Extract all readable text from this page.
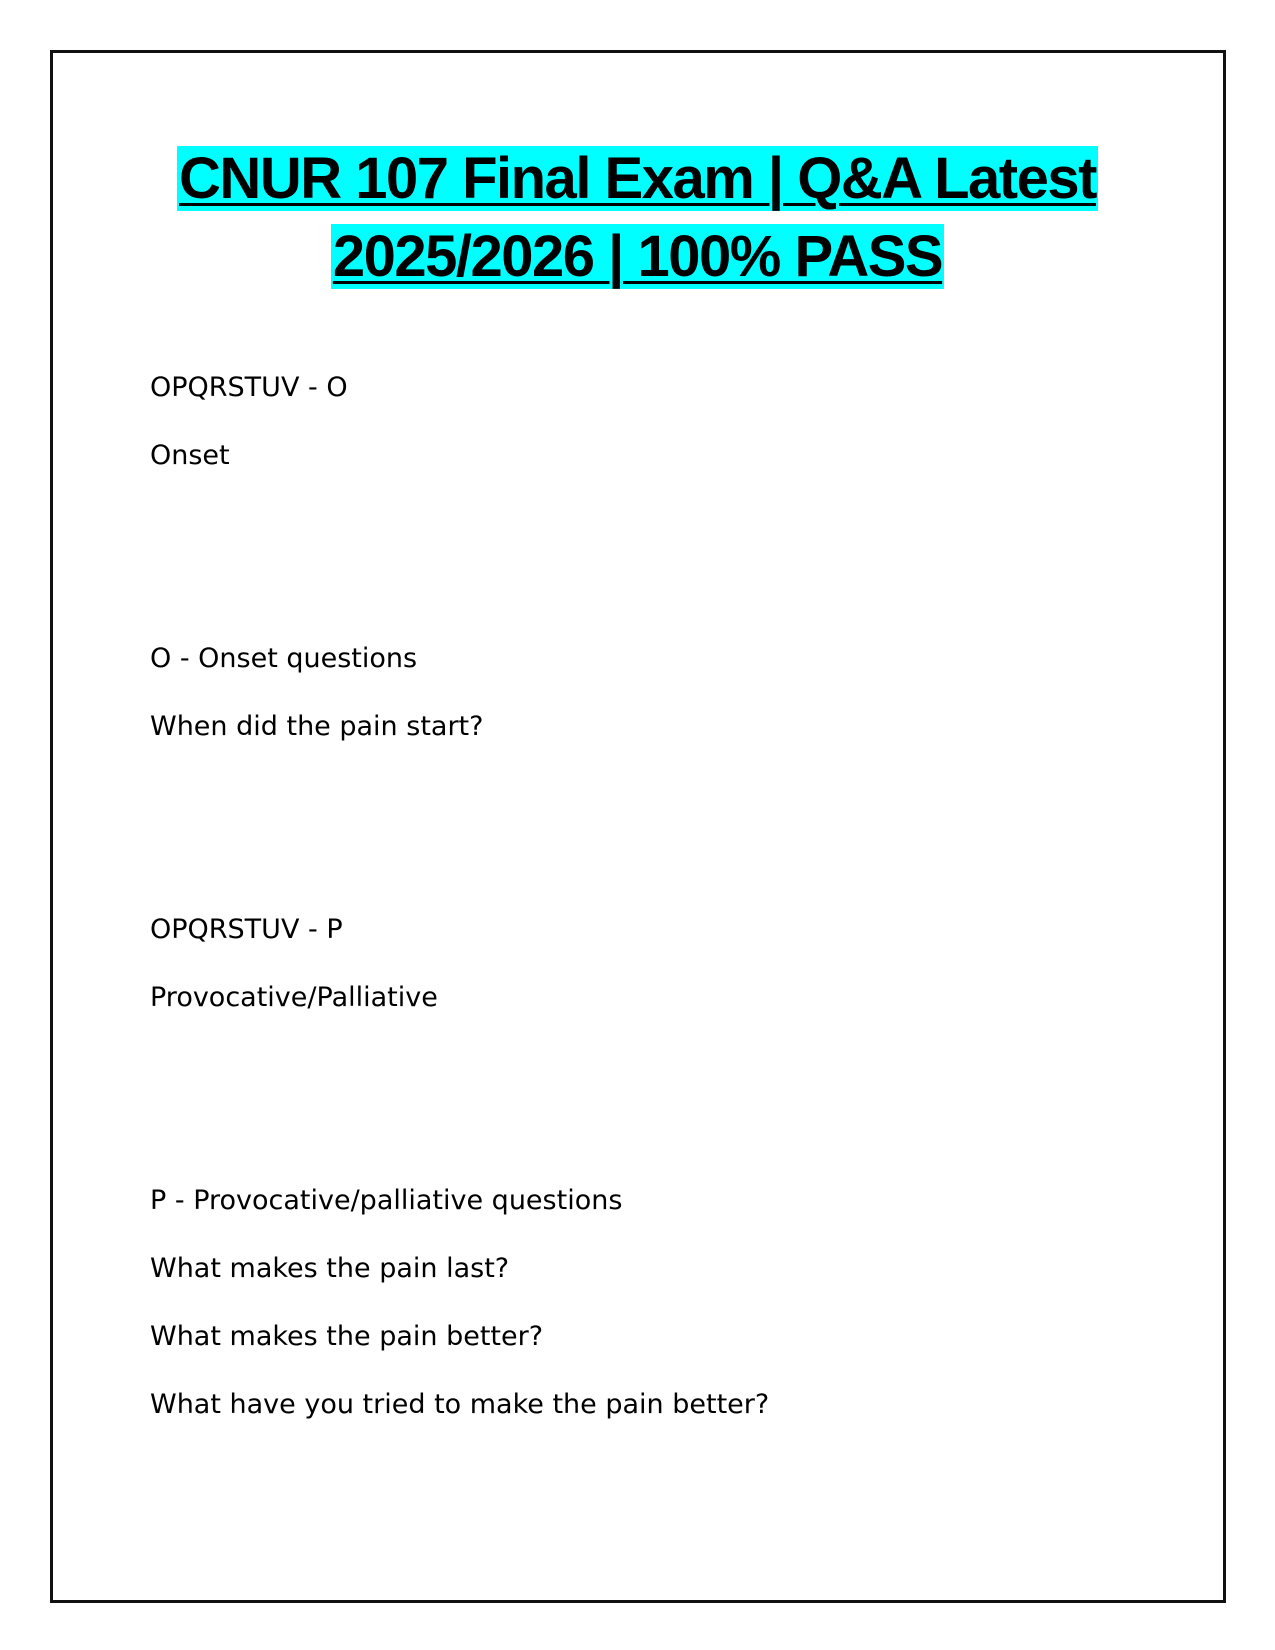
CNUR 107 Final Exam | Q&A Latest
2025/2026 | 100% PASS
OPQRSTUV - O
Onset
O - Onset questions
When did the pain start?
OPQRSTUV - P
Provocative/Palliative
P - Provocative/palliative questions
What makes the pain last?
What makes the pain better?
What have you tried to make the pain better?
